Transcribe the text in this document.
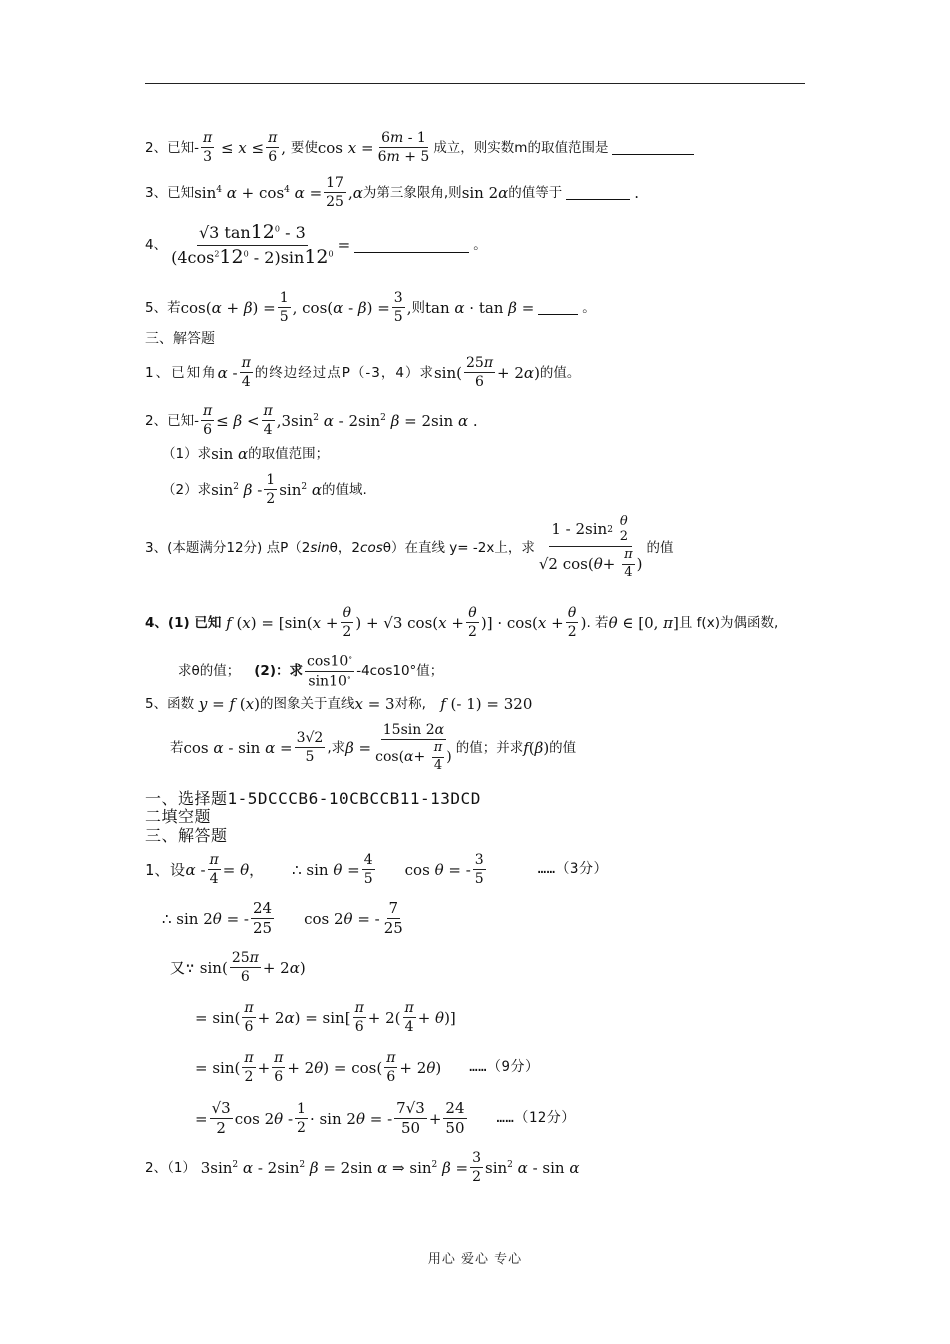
2、已知- $\frac{\pi}{3} \le x \le \frac{\pi}{6}$ , 要使 $\cos x = \frac{6m - 1}{6m + 5}$ 成立，则实数m的取值范围是
3、已知 $\sin^4 \alpha + \cos^4 \alpha = \frac{17}{25} ,\alpha$ 为第三象限角,则 sin 2α 的值等于	.
4、 $\frac{√3 \tan 12^0 - 3}{(4\cos^212^0 - 2)\sin 12^0}$ =	。
5、若 $\cos(\alpha + \beta) = \frac{1}{5}$ , $\cos(\alpha - \beta) = \frac{3}{5}$ , 则 tan α · tan β =	。
三、解答题
1、已知角 α - $\frac{\pi}{4}$ 的终边经过点P（-3，4）求 $\sin( \frac{25\pi}{6} + 2\alpha)$ 的值。
2、已知- $\frac{\pi}{6} \le \beta < \frac{\pi}{4} ,3\sin^2$ α - $2\sin^2$ β = 2sin α .
（1）求 sin α 的取值范围；
（2）求 $\sin^2 \beta - \frac{1}{2} \sin^2 \alpha$ 的值域.
3、(本题满分12分) 点P（2 sin θ，2 cos θ）在直线 y= -2x上，求 1 - 2sin 2

θ
2
√2 cos( $\theta + \frac{\pi}{4}$ ) 的值
4、(1) 已知 f $(x) = [\sin(x + \frac{\theta}{2}$ ) + √3 $\cos(x + \frac{\theta}{2}$ )] · $\cos(x + \frac{\theta}{2}$ ) . 若 θ ∈ [0, π] 且 f(x)为偶函数,
求θ的值； (2)：求 $\frac{\cos 10^\circ}{\sin 10^\circ} -4\cos 10^\circ$值；
5、函数 y = f (x) 的图象关于直线 x = 3 对称, f (- 1) = 320
若 $\cos \alpha - \sin \alpha = \frac{3√2}{5}$ ,求 $\beta = \frac{15\sin 2\alpha}{\cos( \alpha + \frac{\pi}{4} )}$ 的值；并求 f(β) 的值
一、选择题1-5DCCCB6-10CBCCB11-13DCD
二填空题
三、解答题
1、设 $\alpha - \frac{\pi}{4} = \theta$ ， ∴ $\sin \theta = \frac{4}{5}$ cos θ = - $\frac{3}{5}$	……（3分）
∴ sin 2θ = - $\frac{24}{25}$ cos 2θ = - $\frac{7}{25}$
又∵ $\sin( \frac{25\pi}{6} + 2\alpha)$
= $\sin( \frac{\pi}{6} + 2\alpha) = \sin[ \frac{\pi}{6} + 2( \frac{\pi}{4} + \theta)]$
= $\sin( \frac{\pi}{2} + \frac{\pi}{6} + 2\theta) = \cos( \frac{\pi}{6} + 2\theta)$ ……（9分）
= $\frac{√3}{2}$ $\cos 2\theta - \frac{1}{2} \cdot \sin 2\theta$ = - $\frac{7√3}{50} + \frac{24}{50}$ ……（12分）
2、（1） $3\sin^2$ α - $2\sin^2$ β = 2sin α ⇒ $\sin^2 \beta = \frac{3}{2} \sin^2 \alpha - \sin \alpha$
用心 爱心 专心
